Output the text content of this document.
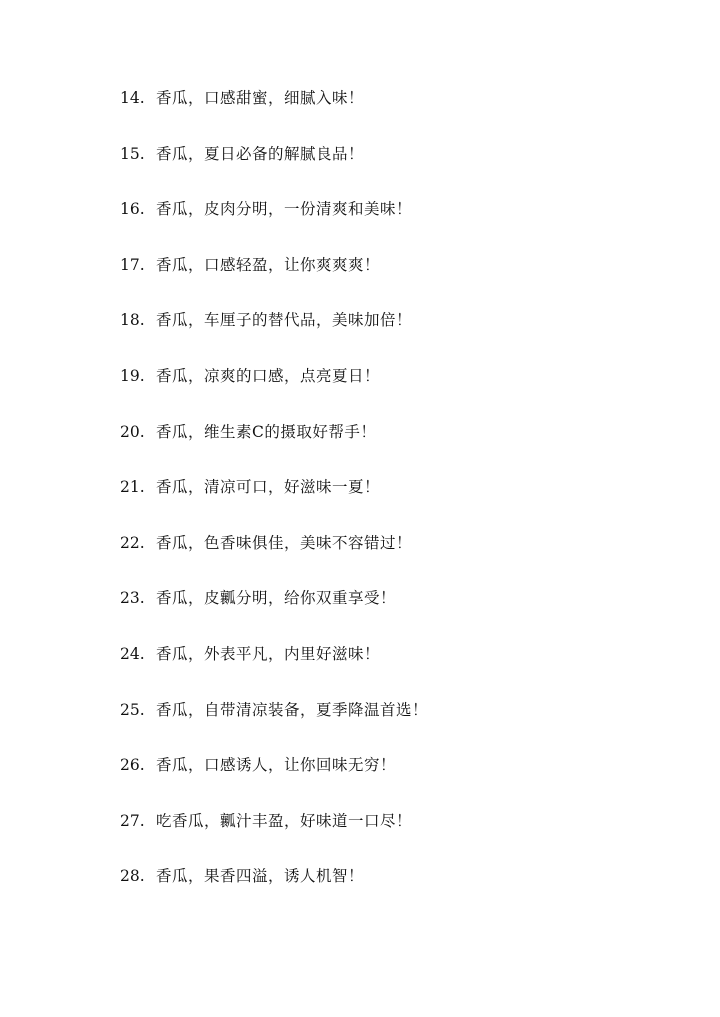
14. 香瓜，口感甜蜜，细腻入味！
15. 香瓜，夏日必备的解腻良品！
16. 香瓜，皮肉分明，一份清爽和美味！
17. 香瓜，口感轻盈，让你爽爽爽！
18. 香瓜，车厘子的替代品，美味加倍！
19. 香瓜，凉爽的口感，点亮夏日！
20. 香瓜，维生素C的摄取好帮手！
21. 香瓜，清凉可口，好滋味一夏！
22. 香瓜，色香味俱佳，美味不容错过！
23. 香瓜，皮瓤分明，给你双重享受！
24. 香瓜，外表平凡，内里好滋味！
25. 香瓜，自带清凉装备，夏季降温首选！
26. 香瓜，口感诱人，让你回味无穷！
27. 吃香瓜，瓤汁丰盈，好味道一口尽！
28. 香瓜，果香四溢，诱人机智！
